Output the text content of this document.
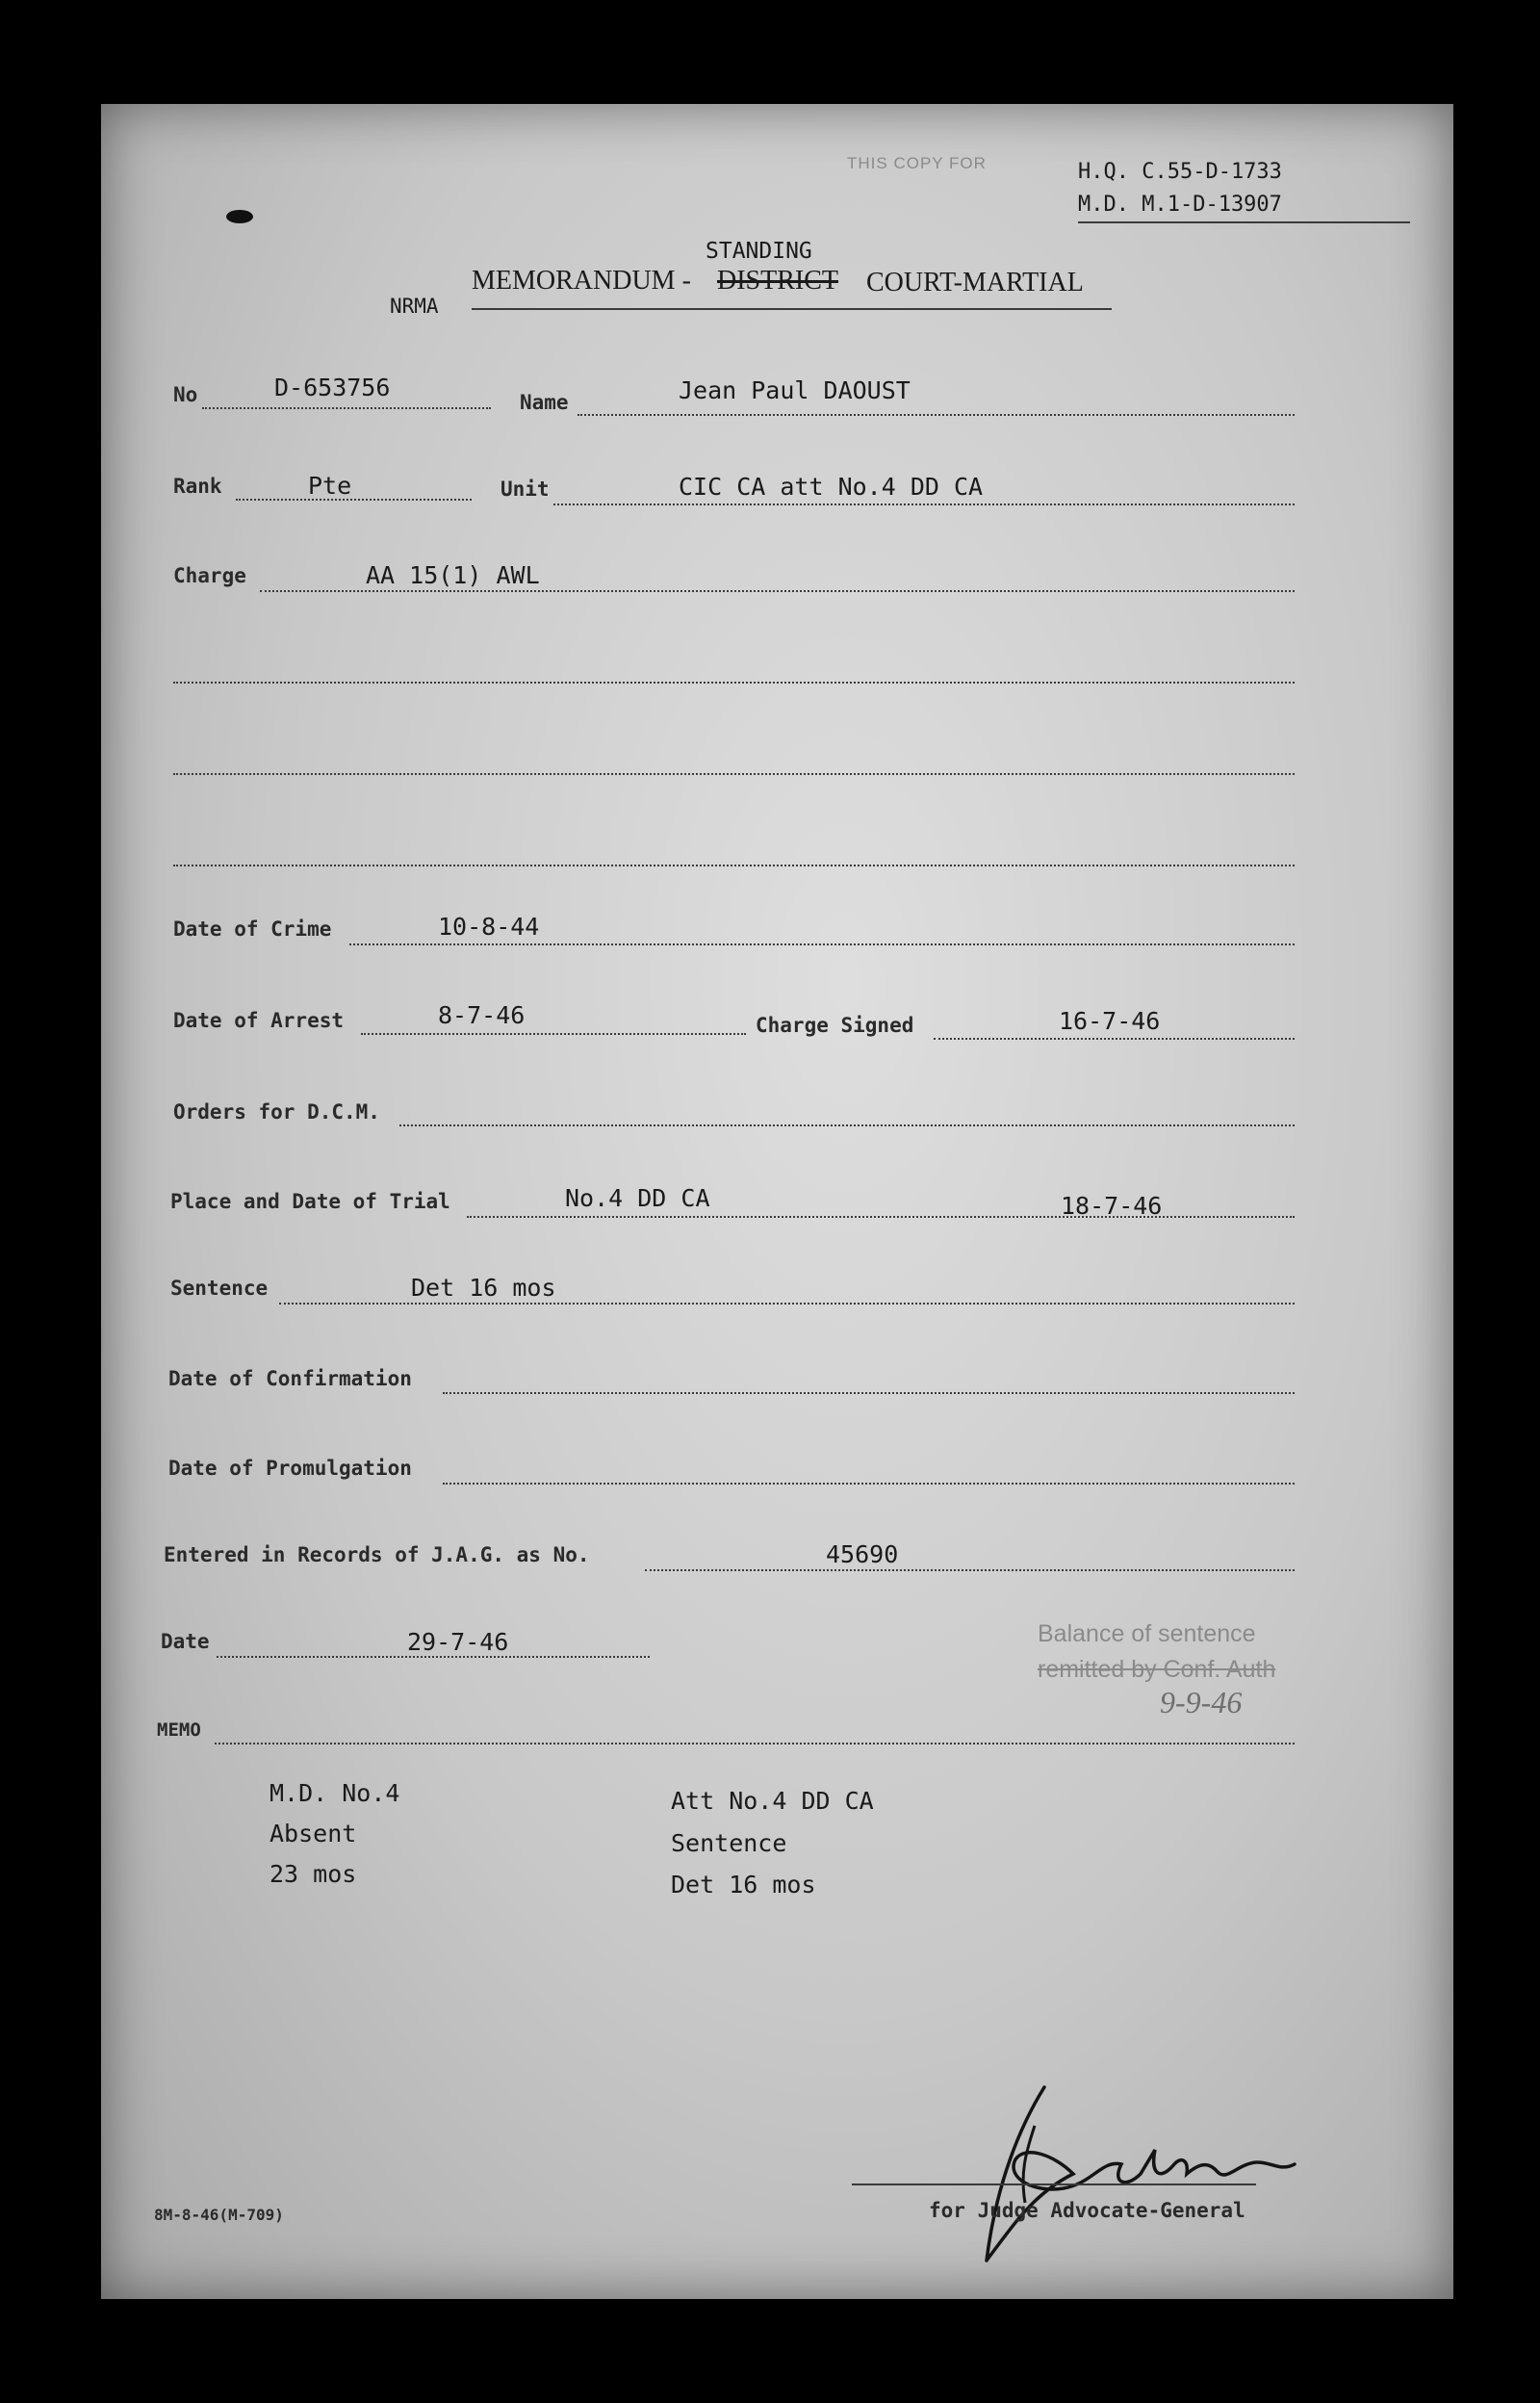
THIS COPY FOR	H.Q. C.55-D-1733
M.D. M.1-D-13907
STANDING
MEMORANDUM - DISTRICT COURT-MARTIAL
NRMA
No	D-653756
Name	Jean Paul DAOUST
Rank	Pte	Unit	CIC CA att No.4 DD CA
Charge	AA 15(1) AWL
Date of Crime	10-8-44
Date of Arrest	8-7-46	Charge Signed	16-7-46
Orders for D.C.M.
Place and Date of Trial	No.4 DD CA	18-7-46
Sentence	Det 16 mos
Date of Confirmation
Date of Promulgation
Entered in Records of J.A.G. as No.	45690
Date	29-7-46	Balance of sentence
remitted by Conf. Auth
9-9-46
MEMO
M.D. No.4
Absent
23 mos
Att No.4 DD CA
Sentence
Det 16 mos
for Judge Advocate-General
8M-8-46(M-709)
